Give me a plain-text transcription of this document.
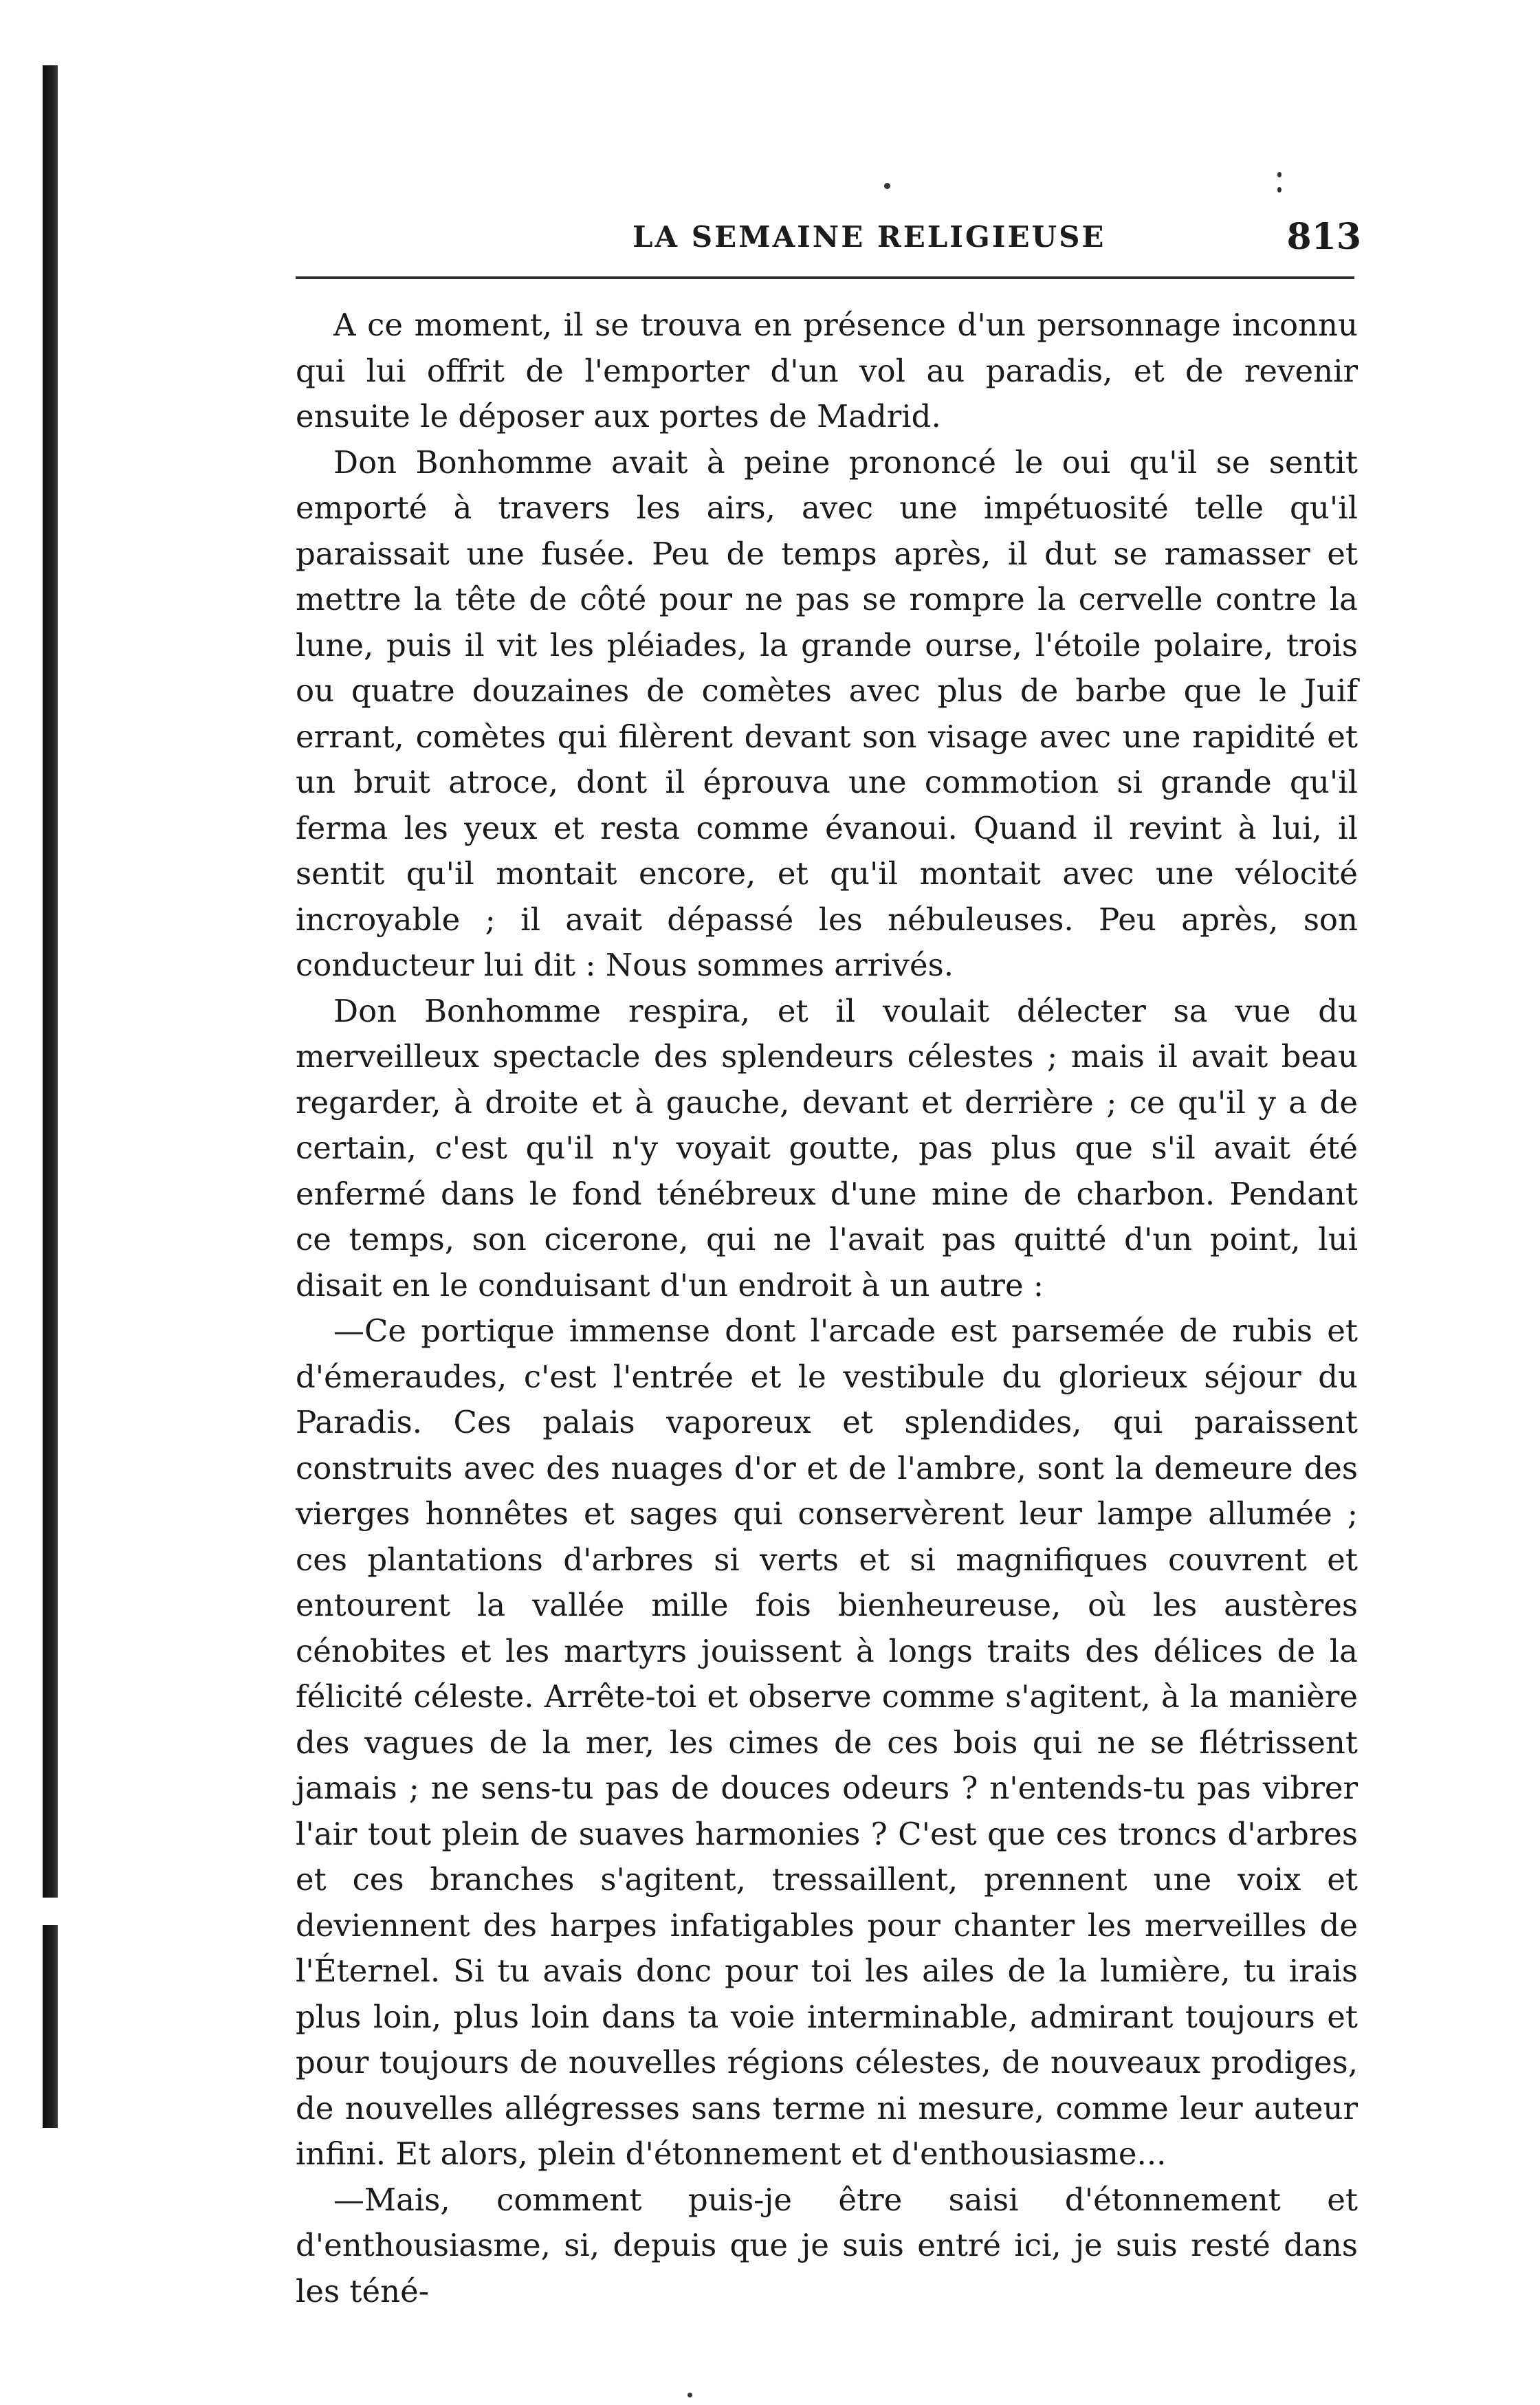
LA SEMAINE RELIGIEUSE	813

A ce moment, il se trouva en présence d'un personnage inconnu qui lui offrit de l'emporter d'un vol au paradis, et de revenir ensuite le déposer aux portes de Madrid.

Don Bonhomme avait à peine prononcé le oui qu'il se sentit emporté à travers les airs, avec une impétuosité telle qu'il paraissait une fusée. Peu de temps après, il dut se ramasser et mettre la tête de côté pour ne pas se rompre la cervelle contre la lune, puis il vit les pléiades, la grande ourse, l'étoile polaire, trois ou quatre douzaines de comètes avec plus de barbe que le Juif errant, comètes qui filèrent devant son visage avec une rapidité et un bruit atroce, dont il éprouva une commotion si grande qu'il ferma les yeux et resta comme évanoui. Quand il revint à lui, il sentit qu'il montait encore, et qu'il montait avec une vélocité incroyable ; il avait dépassé les nébuleuses. Peu après, son conducteur lui dit : Nous sommes arrivés.

Don Bonhomme respira, et il voulait délecter sa vue du merveilleux spectacle des splendeurs célestes ; mais il avait beau regarder, à droite et à gauche, devant et derrière ; ce qu'il y a de certain, c'est qu'il n'y voyait goutte, pas plus que s'il avait été enfermé dans le fond ténébreux d'une mine de charbon. Pendant ce temps, son cicerone, qui ne l'avait pas quitté d'un point, lui disait en le conduisant d'un endroit à un autre :

—Ce portique immense dont l'arcade est parsemée de rubis et d'émeraudes, c'est l'entrée et le vestibule du glorieux séjour du Paradis. Ces palais vaporeux et splendides, qui paraissent construits avec des nuages d'or et de l'ambre, sont la demeure des vierges honnêtes et sages qui conservèrent leur lampe allumée ; ces plantations d'arbres si verts et si magnifiques couvrent et entourent la vallée mille fois bienheureuse, où les austères cénobites et les martyrs jouissent à longs traits des délices de la félicité céleste. Arrête-toi et observe comme s'agitent, à la manière des vagues de la mer, les cimes de ces bois qui ne se flétrissent jamais ; ne sens-tu pas de douces odeurs ? n'entends-tu pas vibrer l'air tout plein de suaves harmonies ? C'est que ces troncs d'arbres et ces branches s'agitent, tressaillent, prennent une voix et deviennent des harpes infatigables pour chanter les merveilles de l'Éternel. Si tu avais donc pour toi les ailes de la lumière, tu irais plus loin, plus loin dans ta voie interminable, admirant toujours et pour toujours de nouvelles régions célestes, de nouveaux prodiges, de nouvelles allégresses sans terme ni mesure, comme leur auteur infini. Et alors, plein d'étonnement et d'enthousiasme...

—Mais, comment puis-je être saisi d'étonnement et d'enthousiasme, si, depuis que je suis entré ici, je suis resté dans les téné-
